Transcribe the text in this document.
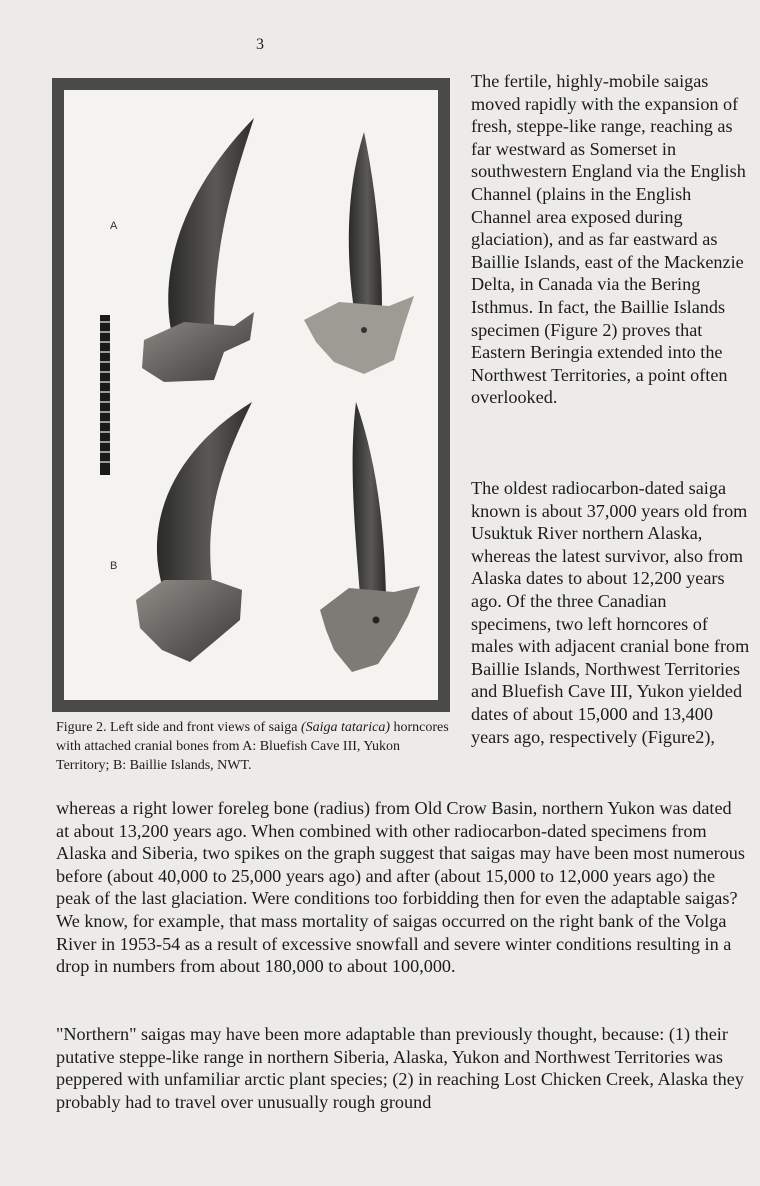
3
A
B

Figure 2. Left side and front views of saiga (Saiga tatarica) horncores with attached cranial bones from A: Bluefish Cave III, Yukon Territory; B: Baillie Islands, NWT.

The fertile, highly-mobile saigas moved rapidly with the expansion of fresh, steppe-like range, reaching as far westward as Somerset in southwestern England via the English Channel (plains in the English Channel area exposed during glaciation), and as far eastward as Baillie Islands, east of the Mackenzie Delta, in Canada via the Bering Isthmus. In fact, the Baillie Islands specimen (Figure 2) proves that Eastern Beringia extended into the Northwest Territories, a point often overlooked.

The oldest radiocarbon-dated saiga known is about 37,000 years old from Usuktuk River northern Alaska, whereas the latest survivor, also from Alaska dates to about 12,200 years ago. Of the three Canadian specimens, two left horncores of males with adjacent cranial bone from Baillie Islands, Northwest Territories and Bluefish Cave III, Yukon yielded dates of about 15,000 and 13,400 years ago, respectively (Figure2),

whereas a right lower foreleg bone (radius) from Old Crow Basin, northern Yukon was dated at about 13,200 years ago. When combined with other radiocarbon-dated specimens from Alaska and Siberia, two spikes on the graph suggest that saigas may have been most numerous before (about 40,000 to 25,000 years ago) and after (about 15,000 to 12,000 years ago) the peak of the last glaciation. Were conditions too forbidding then for even the adaptable saigas? We know, for example, that mass mortality of saigas occurred on the right bank of the Volga River in 1953-54 as a result of excessive snowfall and severe winter conditions resulting in a drop in numbers from about 180,000 to about 100,000.

"Northern" saigas may have been more adaptable than previously thought, because: (1) their putative steppe-like range in northern Siberia, Alaska, Yukon and Northwest Territories was peppered with unfamiliar arctic plant species; (2) in reaching Lost Chicken Creek, Alaska they probably had to travel over unusually rough ground
